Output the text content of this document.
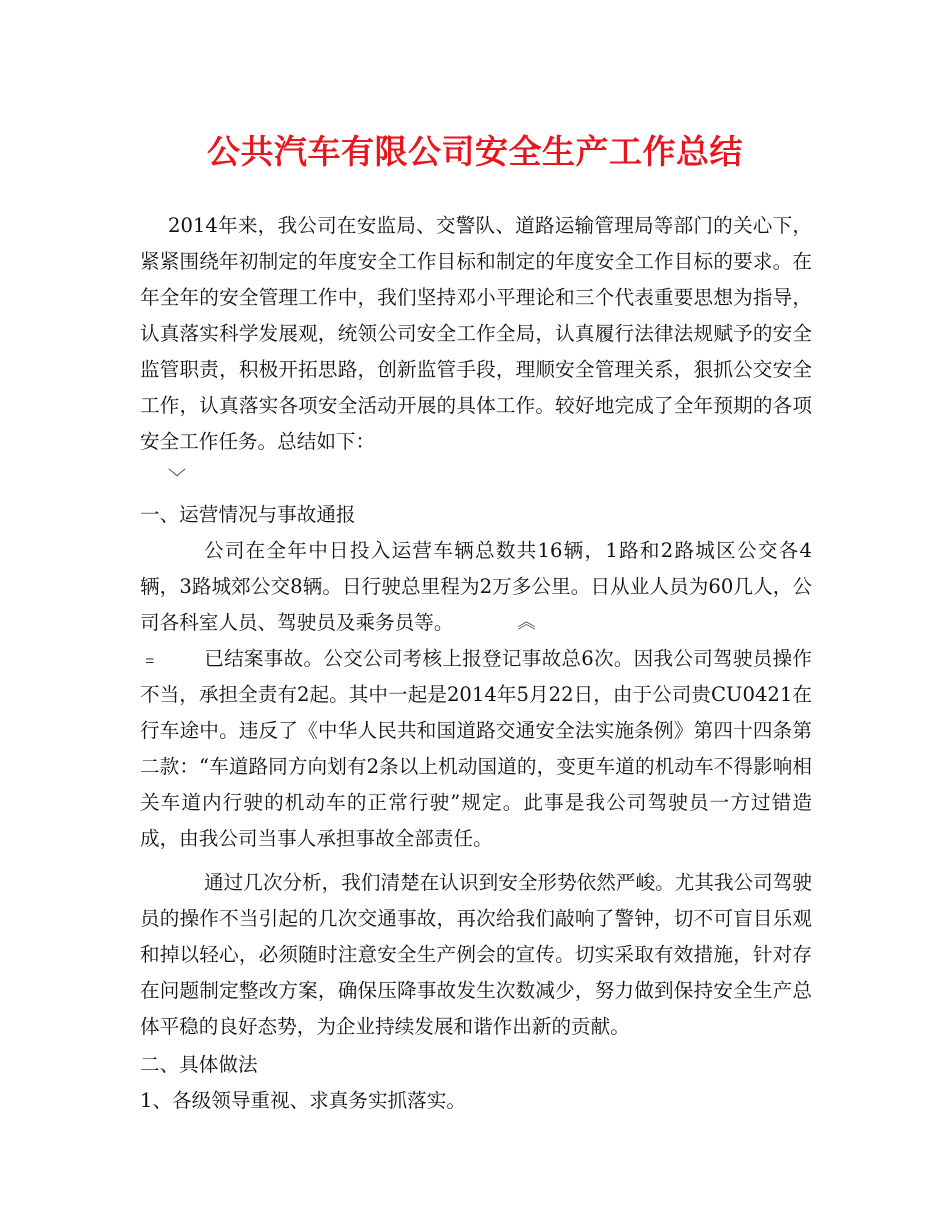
公共汽车有限公司安全生产工作总结

2014年来，我公司在安监局、交警队、道路运输管理局等部门的关心下，紧紧围绕年初制定的年度安全工作目标和制定的年度安全工作目标的要求。在年全年的安全管理工作中，我们坚持邓小平理论和三个代表重要思想为指导，认真落实科学发展观，统领公司安全工作全局，认真履行法律法规赋予的安全监管职责，积极开拓思路，创新监管手段，理顺安全管理关系，狠抓公交安全工作，认真落实各项安全活动开展的具体工作。较好地完成了全年预期的各项安全工作任务。总结如下：
﹀

一、运营情况与事故通报

公司在全年中日投入运营车辆总数共16辆，1路和2路城区公交各4辆，3路城郊公交8辆。日行驶总里程为2万多公里。日从业人员为60几人，公司各科室人员、驾驶员及乘务员等。	︽

﹦ 已结案事故。公交公司考核上报登记事故总6次。因我公司驾驶员操作不当，承担全责有2起。其中一起是2014年5月22日，由于公司贵CU0421在行车途中。违反了《中华人民共和国道路交通安全法实施条例》第四十四条第二款：“车道路同方向划有2条以上机动国道的，变更车道的机动车不得影响相关车道内行驶的机动车的正常行驶”规定。此事是我公司驾驶员一方过错造成，由我公司当事人承担事故全部责任。

通过几次分析，我们清楚在认识到安全形势依然严峻。尤其我公司驾驶员的操作不当引起的几次交通事故，再次给我们敲响了警钟，切不可盲目乐观和掉以轻心，必须随时注意安全生产例会的宣传。切实采取有效措施，针对存在问题制定整改方案，确保压降事故发生次数减少，努力做到保持安全生产总体平稳的良好态势，为企业持续发展和谐作出新的贡献。

二、具体做法

1、各级领导重视、求真务实抓落实。
